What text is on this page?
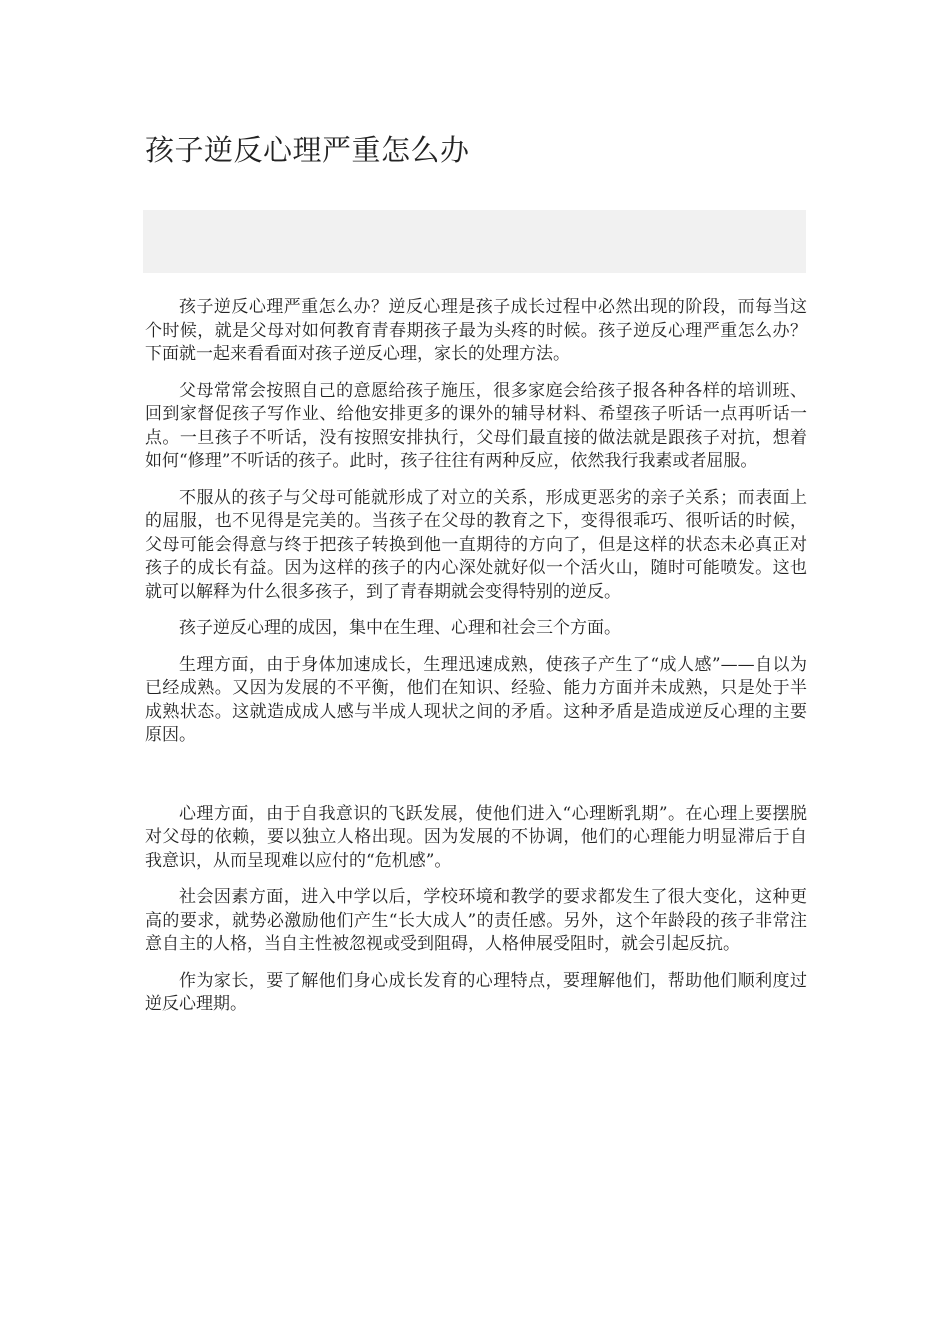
孩子逆反心理严重怎么办

孩子逆反心理严重怎么办？逆反心理是孩子成长过程中必然出现的阶段，而每当这个时候，就是父母对如何教育青春期孩子最为头疼的时候。孩子逆反心理严重怎么办？下面就一起来看看面对孩子逆反心理，家长的处理方法。

父母常常会按照自己的意愿给孩子施压，很多家庭会给孩子报各种各样的培训班、回到家督促孩子写作业、给他安排更多的课外的辅导材料、希望孩子听话一点再听话一点。一旦孩子不听话，没有按照安排执行，父母们最直接的做法就是跟孩子对抗，想着如何“修理”不听话的孩子。此时，孩子往往有两种反应，依然我行我素或者屈服。

不服从的孩子与父母可能就形成了对立的关系，形成更恶劣的亲子关系；而表面上的屈服，也不见得是完美的。当孩子在父母的教育之下，变得很乖巧、很听话的时候，父母可能会得意与终于把孩子转换到他一直期待的方向了，但是这样的状态未必真正对孩子的成长有益。因为这样的孩子的内心深处就好似一个活火山，随时可能喷发。这也就可以解释为什么很多孩子，到了青春期就会变得特别的逆反。

孩子逆反心理的成因，集中在生理、心理和社会三个方面。

生理方面，由于身体加速成长，生理迅速成熟，使孩子产生了“成人感”——自以为已经成熟。又因为发展的不平衡，他们在知识、经验、能力方面并未成熟，只是处于半成熟状态。这就造成成人感与半成人现状之间的矛盾。这种矛盾是造成逆反心理的主要原因。

心理方面，由于自我意识的飞跃发展，使他们进入“心理断乳期”。在心理上要摆脱对父母的依赖，要以独立人格出现。因为发展的不协调，他们的心理能力明显滞后于自我意识，从而呈现难以应付的“危机感”。

社会因素方面，进入中学以后，学校环境和教学的要求都发生了很大变化，这种更高的要求，就势必激励他们产生“长大成人”的责任感。另外，这个年龄段的孩子非常注意自主的人格，当自主性被忽视或受到阻碍，人格伸展受阻时，就会引起反抗。

作为家长，要了解他们身心成长发育的心理特点，要理解他们，帮助他们顺利度过逆反心理期。
